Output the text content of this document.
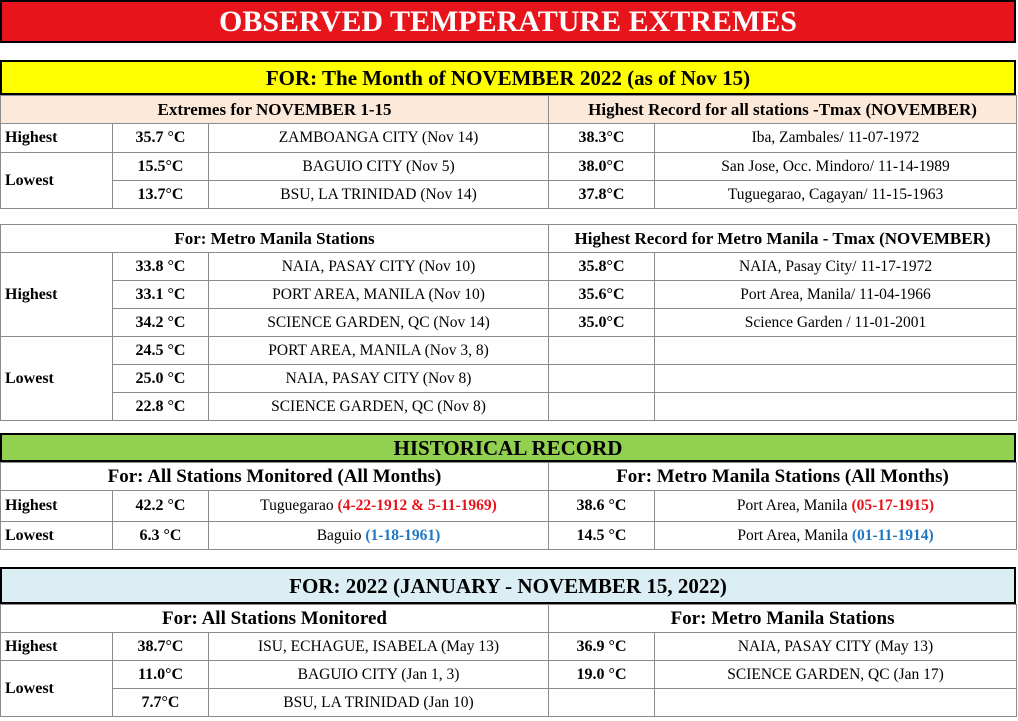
OBSERVED TEMPERATURE EXTREMES
FOR: The Month of NOVEMBER 2022 (as of Nov 15)
Extremes for NOVEMBER 1-15			Highest Record for all stations -Tmax (NOVEMBER)	
Highest	35.7 °C	ZAMBOANGA CITY (Nov 14)	38.3°C	Iba, Zambales/ 11-07-1972
Lowest	15.5°C	BAGUIO CITY (Nov 5)	38.0°C	San Jose, Occ. Mindoro/ 11-14-1989
	13.7°C	BSU, LA TRINIDAD (Nov 14)	37.8°C	Tuguegarao, Cagayan/ 11-15-1963
For: Metro Manila Stations			Highest Record for Metro Manila - Tmax (NOVEMBER)	
Highest	33.8 °C	NAIA, PASAY CITY (Nov 10)	35.8°C	NAIA, Pasay City/ 11-17-1972
	33.1 °C	PORT AREA, MANILA (Nov 10)	35.6°C	Port Area, Manila/ 11-04-1966
	34.2 °C	SCIENCE GARDEN, QC (Nov 14)	35.0°C	Science Garden / 11-01-2001
Lowest	24.5 °C	PORT AREA, MANILA (Nov 3, 8)		
	25.0 °C	NAIA, PASAY CITY (Nov 8)		
	22.8 °C	SCIENCE GARDEN, QC (Nov 8)		
HISTORICAL RECORD
For: All Stations Monitored (All Months)			For: Metro Manila Stations (All Months)	
Highest	42.2 °C	Tuguegarao (4-22-1912 & 5-11-1969)	38.6 °C	Port Area, Manila (05-17-1915)
Lowest	6.3 °C	Baguio (1-18-1961)	14.5 °C	Port Area, Manila (01-11-1914)
FOR: 2022 (JANUARY - NOVEMBER 15, 2022)
For: All Stations Monitored			For: Metro Manila Stations	
Highest	38.7°C	ISU, ECHAGUE, ISABELA (May 13)	36.9 °C	NAIA, PASAY CITY (May 13)
Lowest	11.0°C	BAGUIO CITY (Jan 1, 3)	19.0 °C	SCIENCE GARDEN, QC (Jan 17)
	7.7°C	BSU, LA TRINIDAD (Jan 10)		
